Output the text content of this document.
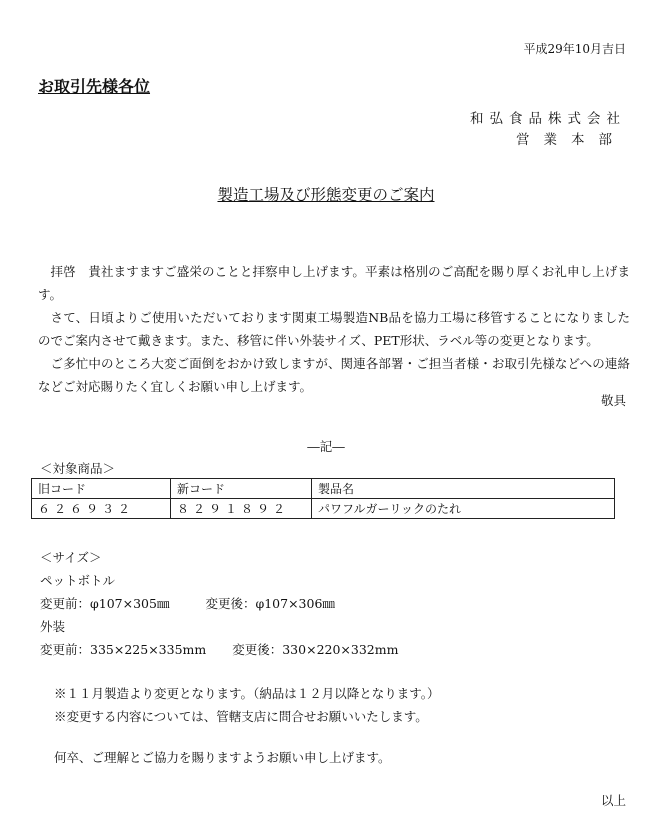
平成29年10月吉日
お取引先様各位
和弘食品株式会社
営業本部
製造工場及び形態変更のご案内

拝啓　貴社ますますご盛栄のことと拝察申し上げます。平素は格別のご高配を賜り厚くお礼申し上げます。

さて、日頃よりご使用いただいております関東工場製造NB品を協力工場に移管することになりましたのでご案内させて戴きます。また、移管に伴い外装サイズ、PET形状、ラベル等の変更となります。

ご多忙中のところ大変ご面倒をおかけ致しますが、関連各部署・ご担当者様・お取引先様などへの連絡などご対応賜りたく宜しくお願い申し上げます。

敬具
―記―
＜対象商品＞
旧コード	新コード	製品名
６２６９３２	８２９１８９２	パワフルガーリックのたれ
＜サイズ＞
ペットボトル
変更前：φ107×305㎜	変更後：φ107×306㎜
外装
変更前：335×225×335mm 変更後：330×220×332mm
※１１月製造より変更となります。（納品は１２月以降となります。）
※変更する内容については、管轄支店に問合せお願いいたします。
何卒、ご理解とご協力を賜りますようお願い申し上げます。
以上
